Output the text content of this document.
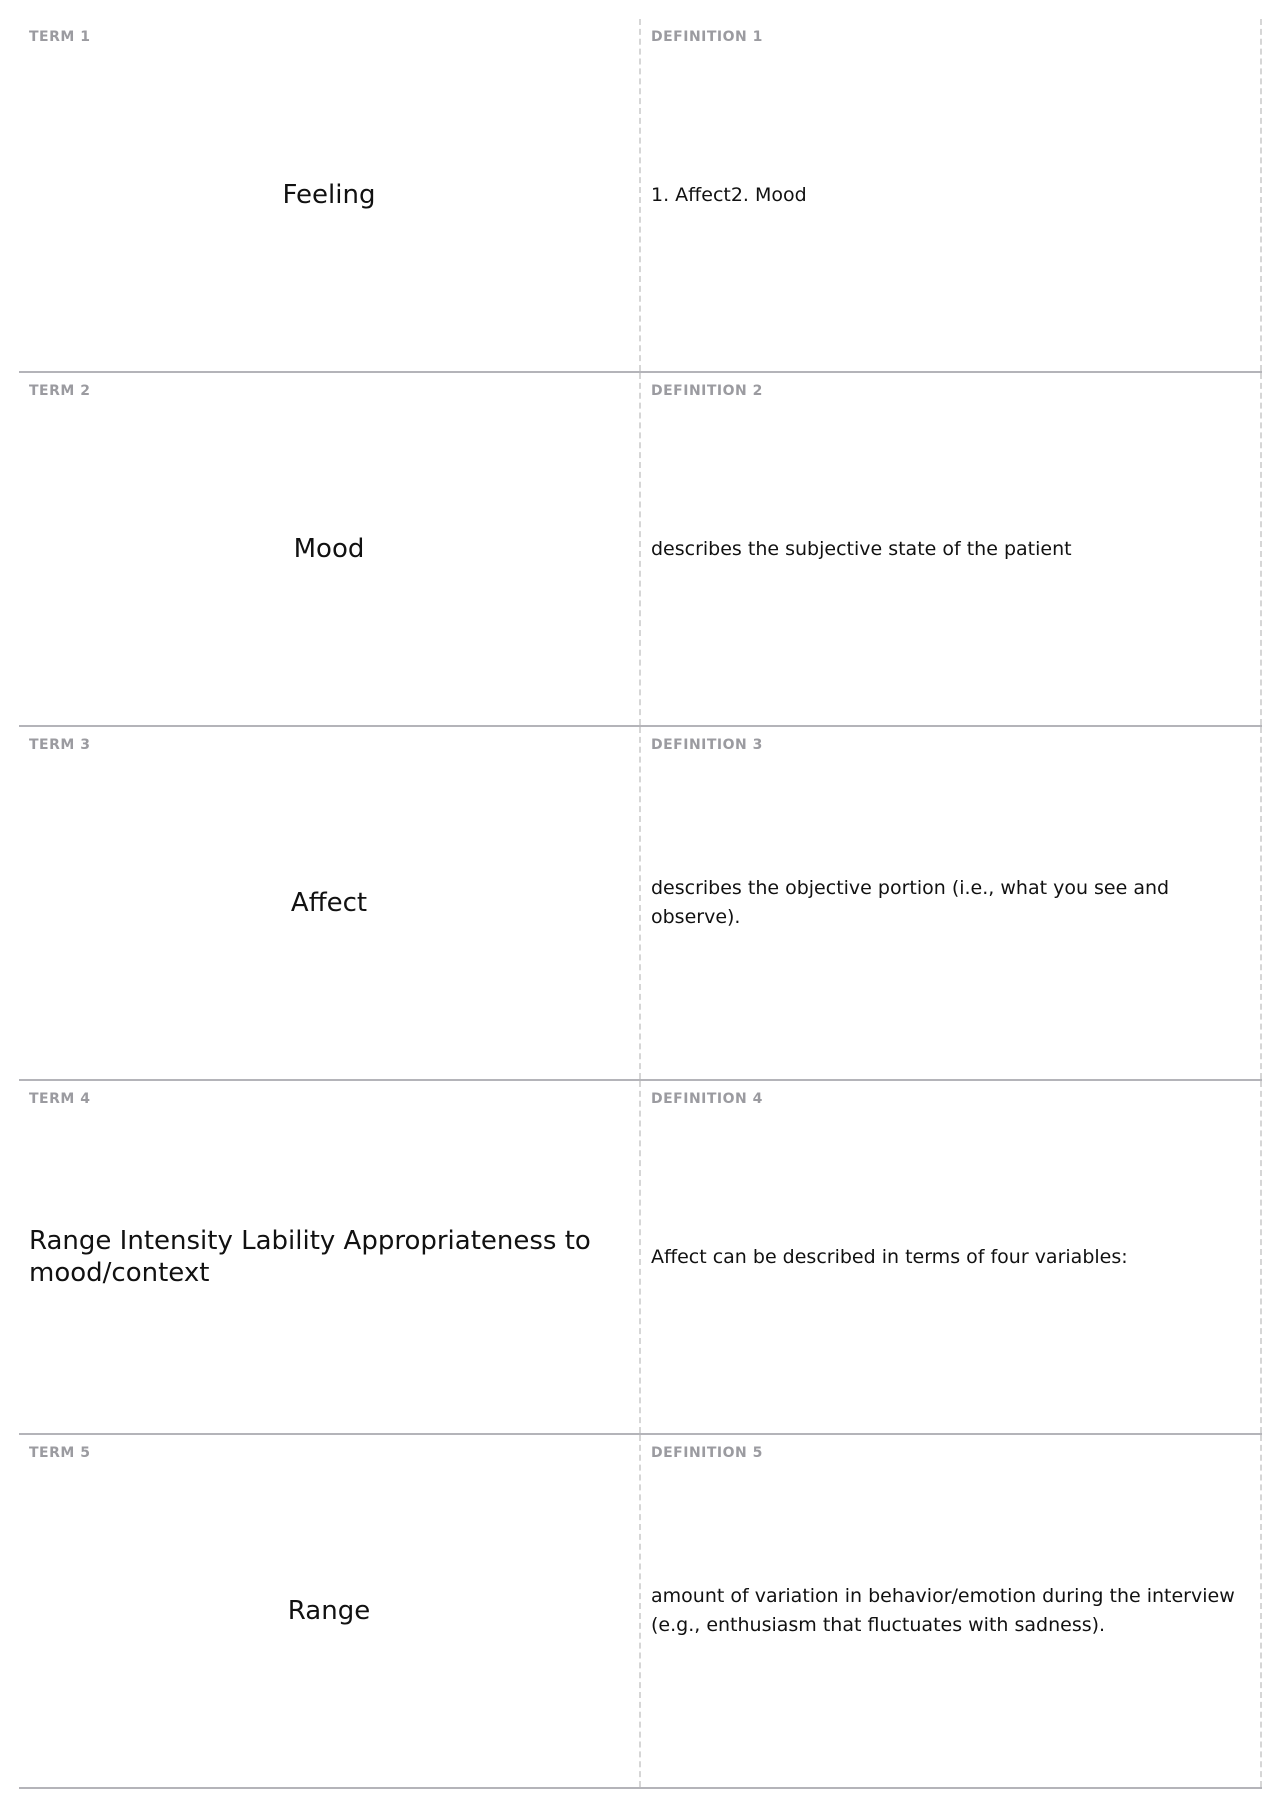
TERM 1
Feeling
DEFINITION 1
1. Affect2. Mood
TERM 2
Mood
DEFINITION 2
describes the subjective state of the patient
TERM 3
Affect
DEFINITION 3
describes the objective portion (i.e., what you see and observe).
TERM 4
Range Intensity Lability Appropriateness to mood/context
DEFINITION 4
Affect can be described in terms of four variables:
TERM 5
Range
DEFINITION 5
amount of variation in behavior/emotion during the interview (e.g., enthusiasm that fluctuates with sadness).
